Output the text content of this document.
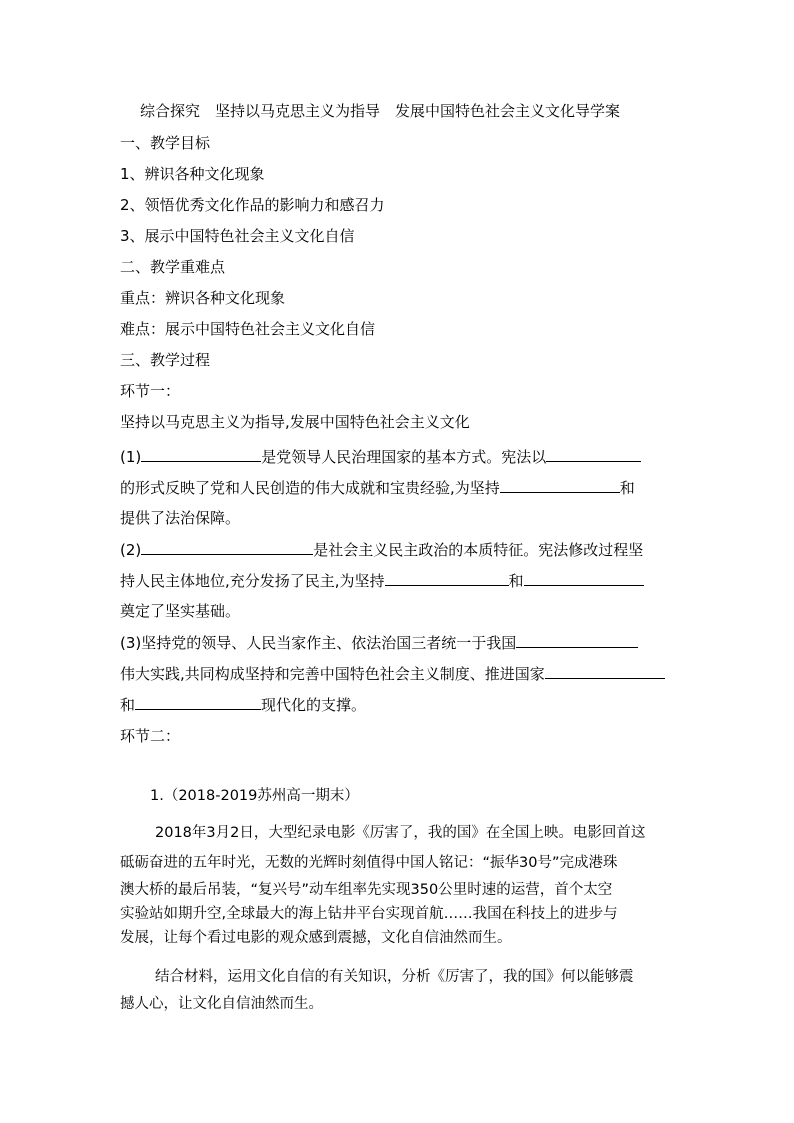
综合探究　坚持以马克思主义为指导　发展中国特色社会主义文化导学案
一、教学目标
1、辨识各种文化现象
2、领悟优秀文化作品的影响力和感召力
3、展示中国特色社会主义文化自信
二、教学重难点
重点：辨识各种文化现象
难点：展示中国特色社会主义文化自信
三、教学过程
环节一：
坚持以马克思主义为指导,发展中国特色社会主义文化
(1)	是党领导人民治理国家的基本方式。宪法以
的形式反映了党和人民创造的伟大成就和宝贵经验,为坚持	和
提供了法治保障。
(2)	是社会主义民主政治的本质特征。宪法修改过程坚
持人民主体地位,充分发扬了民主,为坚持	和
奠定了坚实基础。
(3)坚持党的领导、人民当家作主、依法治国三者统一于我国
伟大实践,共同构成坚持和完善中国特色社会主义制度、推进国家
和	现代化的支撑。
环节二：
1.（2018-2019苏州高一期末）
2018年3月2日，大型纪录电影《厉害了，我的国》在全国上映。电影回首这
砥砺奋进的五年时光，无数的光辉时刻值得中国人铭记：“振华30号”完成港珠
澳大桥的最后吊装，“复兴号”动车组率先实现350公里时速的运营，首个太空
实验站如期升空,全球最大的海上钻井平台实现首航……我国在科技上的进步与
发展，让每个看过电影的观众感到震撼，文化自信油然而生。
结合材料，运用文化自信的有关知识，分析《厉害了，我的国》何以能够震
撼人心，让文化自信油然而生。
